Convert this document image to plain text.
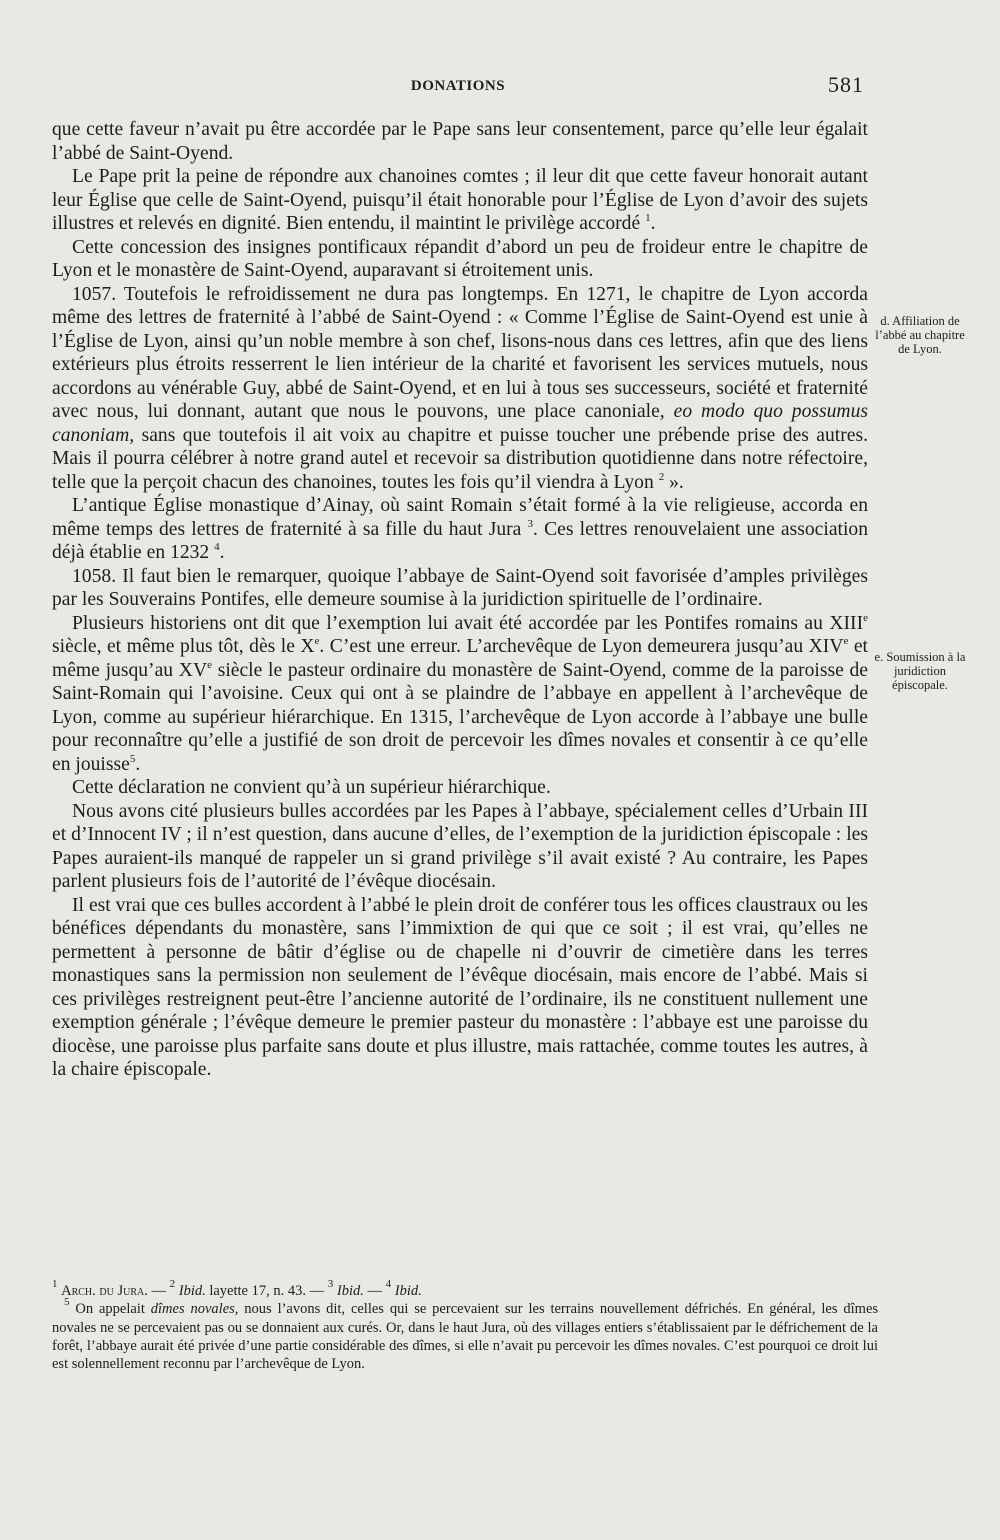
DONATIONS	581

que cette faveur n’avait pu être accordée par le Pape sans leur consentement, parce qu’elle leur égalait l’abbé de Saint-Oyend.

Le Pape prit la peine de répondre aux chanoines comtes ; il leur dit que cette faveur honorait autant leur Église que celle de Saint-Oyend, puisqu’il était honorable pour l’Église de Lyon d’avoir des sujets illustres et relevés en dignité. Bien entendu, il maintint le privilège accordé $^1$.

Cette concession des insignes pontificaux répandit d’abord un peu de froideur entre le chapitre de Lyon et le monastère de Saint-Oyend, auparavant si étroitement unis.

1057. Toutefois le refroidissement ne dura pas longtemps. En 1271, le chapitre de Lyon accorda même des lettres de fraternité à l’abbé de Saint-Oyend : « Comme l’Église de Saint-Oyend est unie à l’Église de Lyon, ainsi qu’un noble membre à son chef, lisons-nous dans ces lettres, afin que des liens extérieurs plus étroits resserrent le lien intérieur de la charité et favorisent les services mutuels, nous accordons au vénérable Guy, abbé de Saint-Oyend, et en lui à tous ses successeurs, société et fraternité avec nous, lui donnant, autant que nous le pouvons, une place canoniale, eo modo quo possumus canoniam, sans que toutefois il ait voix au chapitre et puisse toucher une prébende prise des autres. Mais il pourra célébrer à notre grand autel et recevoir sa distribution quotidienne dans notre réfectoire, telle que la perçoit chacun des chanoines, toutes les fois qu’il viendra à Lyon $^2$ ».

L’antique Église monastique d’Ainay, où saint Romain s’était formé à la vie religieuse, accorda en même temps des lettres de fraternité à sa fille du haut Jura $^3$. Ces lettres renouvelaient une association déjà établie en 1232 $^4$.

1058. Il faut bien le remarquer, quoique l’abbaye de Saint-Oyend soit favorisée d’amples privilèges par les Souverains Pontifes, elle demeure soumise à la juridiction spirituelle de l’ordinaire.

Plusieurs historiens ont dit que l’exemption lui avait été accordée par les Pontifes romains au XIIIe siècle, et même plus tôt, dès le Xe. C’est une erreur. L’archevêque de Lyon demeurera jusqu’au XIVe et même jusqu’au XVe siècle le pasteur ordinaire du monastère de Saint-Oyend, comme de la paroisse de Saint-Romain qui l’avoisine. Ceux qui ont à se plaindre de l’abbaye en appellent à l’archevêque de Lyon, comme au supérieur hiérarchique. En 1315, l’archevêque de Lyon accorde à l’abbaye une bulle pour reconnaître qu’elle a justifié de son droit de percevoir les dîmes novales et consentir à ce qu’elle en jouisse$^5$.

Cette déclaration ne convient qu’à un supérieur hiérarchique.

Nous avons cité plusieurs bulles accordées par les Papes à l’abbaye, spécialement celles d’Urbain III et d’Innocent IV ; il n’est question, dans aucune d’elles, de l’exemption de la juridiction épiscopale : les Papes auraient-ils manqué de rappeler un si grand privilège s’il avait existé ? Au contraire, les Papes parlent plusieurs fois de l’autorité de l’évêque diocésain.

Il est vrai que ces bulles accordent à l’abbé le plein droit de conférer tous les offices claustraux ou les bénéfices dépendants du monastère, sans l’immixtion de qui que ce soit ; il est vrai, qu’elles ne permettent à personne de bâtir d’église ou de chapelle ni d’ouvrir de cimetière dans les terres monastiques sans la permission non seulement de l’évêque diocésain, mais encore de l’abbé. Mais si ces privilèges restreignent peut-être l’ancienne autorité de l’ordinaire, ils ne constituent nullement une exemption générale ; l’évêque demeure le premier pasteur du monastère : l’abbaye est une paroisse du diocèse, une paroisse plus parfaite sans doute et plus illustre, mais rattachée, comme toutes les autres, à la chaire épiscopale.

d. Affiliation de l’abbé au chapitre de Lyon.
e. Soumission à la juridiction épiscopale.

$^1$ Arch. du Jura. — $^2$ Ibid. layette 17, n. 43. — $^3$ Ibid. — $^4$ Ibid.

$^5$ On appelait dîmes novales, nous l’avons dit, celles qui se percevaient sur les terrains nouvellement défrichés. En général, les dîmes novales ne se percevaient pas ou se donnaient aux curés. Or, dans le haut Jura, où des villages entiers s’établissaient par le défrichement de la forêt, l’abbaye aurait été privée d’une partie considérable des dîmes, si elle n’avait pu percevoir les dîmes novales. C’est pourquoi ce droit lui est solennellement reconnu par l’archevêque de Lyon.
